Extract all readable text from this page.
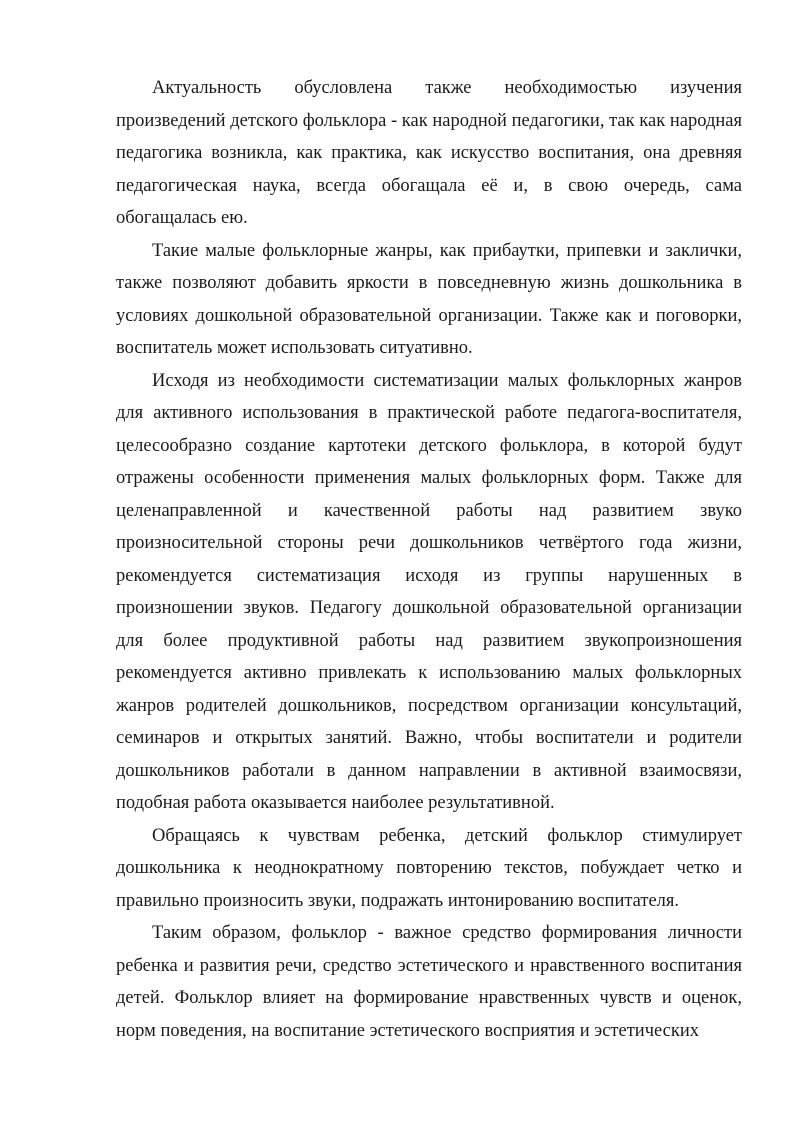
Актуальность обусловлена также необходимостью изучения произведений детского фольклора - как народной педагогики, так как народная педагогика возникла, как практика, как искусство воспитания, она древняя педагогическая наука, всегда обогащала её и, в свою очередь, сама обогащалась ею.

Такие малые фольклорные жанры, как прибаутки, припевки и заклички, также позволяют добавить яркости в повседневную жизнь дошкольника в условиях дошкольной образовательной организации. Также как и поговорки, воспитатель может использовать ситуативно.

Исходя из необходимости систематизации малых фольклорных жанров для активного использования в практической работе педагога-воспитателя, целесообразно создание картотеки детского фольклора, в которой будут отражены особенности применения малых фольклорных форм. Также для целенаправленной и качественной работы над развитием звуко произносительной стороны речи дошкольников четвёртого года жизни, рекомендуется систематизация исходя из группы нарушенных в произношении звуков. Педагогу дошкольной образовательной организации для более продуктивной работы над развитием звукопроизношения рекомендуется активно привлекать к использованию малых фольклорных жанров родителей дошкольников, посредством организации консультаций, семинаров и открытых занятий. Важно, чтобы воспитатели и родители дошкольников работали в данном направлении в активной взаимосвязи, подобная работа оказывается наиболее результативной.

Обращаясь к чувствам ребенка, детский фольклор стимулирует дошкольника к неоднократному повторению текстов, побуждает четко и правильно произносить звуки, подражать интонированию воспитателя.

Таким образом, фольклор - важное средство формирования личности ребенка и развития речи, средство эстетического и нравственного воспитания детей. Фольклор влияет на формирование нравственных чувств и оценок, норм поведения, на воспитание эстетического восприятия и эстетических
